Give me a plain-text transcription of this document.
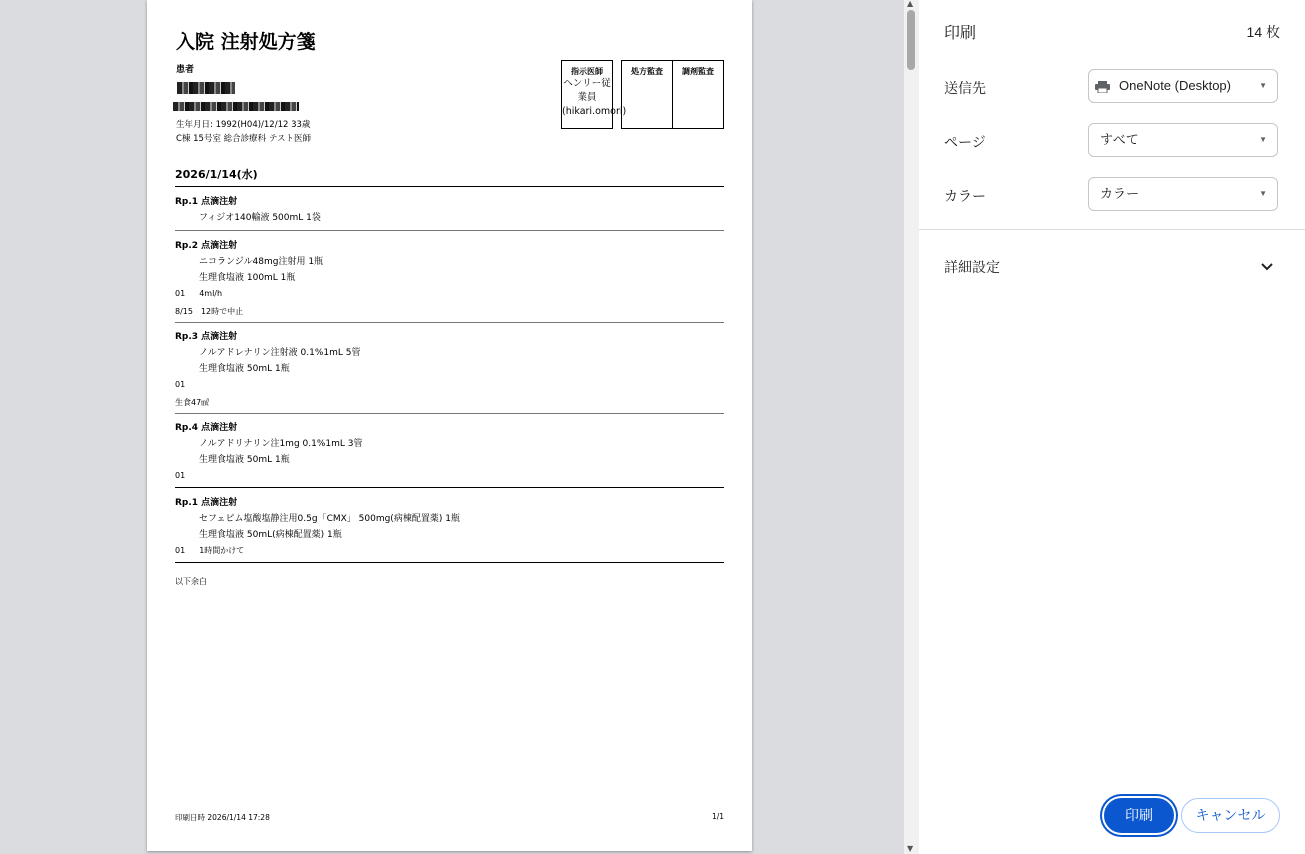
入院 注射処方箋
患者
生年月日: 1992(H04)/12/12 33歳
C棟 15号室 総合診療科 テスト医師
指示医師
ヘンリー従業員(hikari.omori)
処方監査	調剤監査
2026/1/14(水)
Rp.1 点滴注射
フィジオ140輸液 500mL 1袋
Rp.2 点滴注射
ニコランジル48mg注射用 1瓶
生理食塩液 100mL 1瓶
01 4ml/h
8/15 12時で中止
Rp.3 点滴注射
ノルアドレナリン注射液 0.1%1mL 5管
生理食塩液 50mL 1瓶
01
生食47㎖
Rp.4 点滴注射
ノルアドリナリン注1mg 0.1%1mL 3管
生理食塩液 50mL 1瓶
01
Rp.1 点滴注射
セフェピム塩酸塩静注用0.5g「CMX」 500mg(病棟配置薬) 1瓶
生理食塩液 50mL(病棟配置薬) 1瓶
01 1時間かけて
以下余白
印刷日時 2026/1/14 17:28	1/1
▲
▼
印刷	14 枚
送信先	OneNote (Desktop)	▼
ページ	すべて	▼
カラー	カラー	▼
詳細設定
印刷	キャンセル
